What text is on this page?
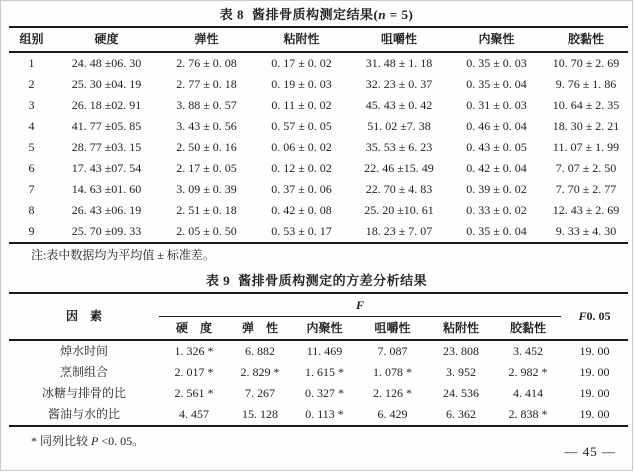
表 8 酱排骨质构测定结果(n = 5)
组别	硬度	弹性	粘附性	咀嚼性	内聚性	胶黏性
1	24. 48 ±06. 30	2. 76 ± 0. 08	0. 17 ± 0. 02	31. 48 ± 1. 18	0. 35 ± 0. 03	10. 70 ± 2. 69
2	25. 30 ±04. 19	2. 77 ± 0. 18	0. 19 ± 0. 03	32. 23 ± 0. 37	0. 35 ± 0. 04	9. 76 ± 1. 86
3	26. 18 ±02. 91	3. 88 ± 0. 57	0. 11 ± 0. 02	45. 43 ± 0. 42	0. 31 ± 0. 03	10. 64 ± 2. 35
4	41. 77 ±05. 85	3. 43 ± 0. 56	0. 57 ± 0. 05	51. 02 ±7. 38	0. 46 ± 0. 04	18. 30 ± 2. 21
5	28. 77 ±03. 15	2. 50 ± 0. 16	0. 06 ± 0. 02	35. 53 ± 6. 23	0. 43 ± 0. 05	11. 07 ± 1. 99
6	17. 43 ±07. 54	2. 17 ± 0. 05	0. 12 ± 0. 02	22. 46 ±15. 49	0. 42 ± 0. 04	7. 07 ± 2. 50
7	14. 63 ±01. 60	3. 09 ± 0. 39	0. 37 ± 0. 06	22. 70 ± 4. 83	0. 39 ± 0. 02	7. 70 ± 2. 77
8	26. 43 ±06. 19	2. 51 ± 0. 18	0. 42 ± 0. 08	25. 20 ±10. 61	0. 33 ± 0. 02	12. 43 ± 2. 69
9	25. 70 ±09. 33	2. 05 ± 0. 50	0. 53 ± 0. 17	18. 23 ± 7. 07	0. 35 ± 0. 04	9. 33 ± 4. 30
注:表中数据均为平均值 ± 标准差。
表 9 酱排骨质构测定的方差分析结果
因　素	F						F0. 05
	硬　度	弹　性	内聚性	咀嚼性	粘附性	胶黏性	
焯水时间	1. 326 *	6. 882	11. 469	7. 087	23. 808	3. 452	19. 00
烹制组合	2. 017 *	2. 829 *	1. 615 *	1. 078 *	3. 952	2. 982 *	19. 00
冰糖与排骨的比	2. 561 *	7. 267	0. 327 *	2. 126 *	24. 536	4. 414	19. 00
酱油与水的比	4. 457	15. 128	0. 113 *	6. 429	6. 362	2. 838 *	19. 00
* 同列比较 P <0. 05。
— 45 —
